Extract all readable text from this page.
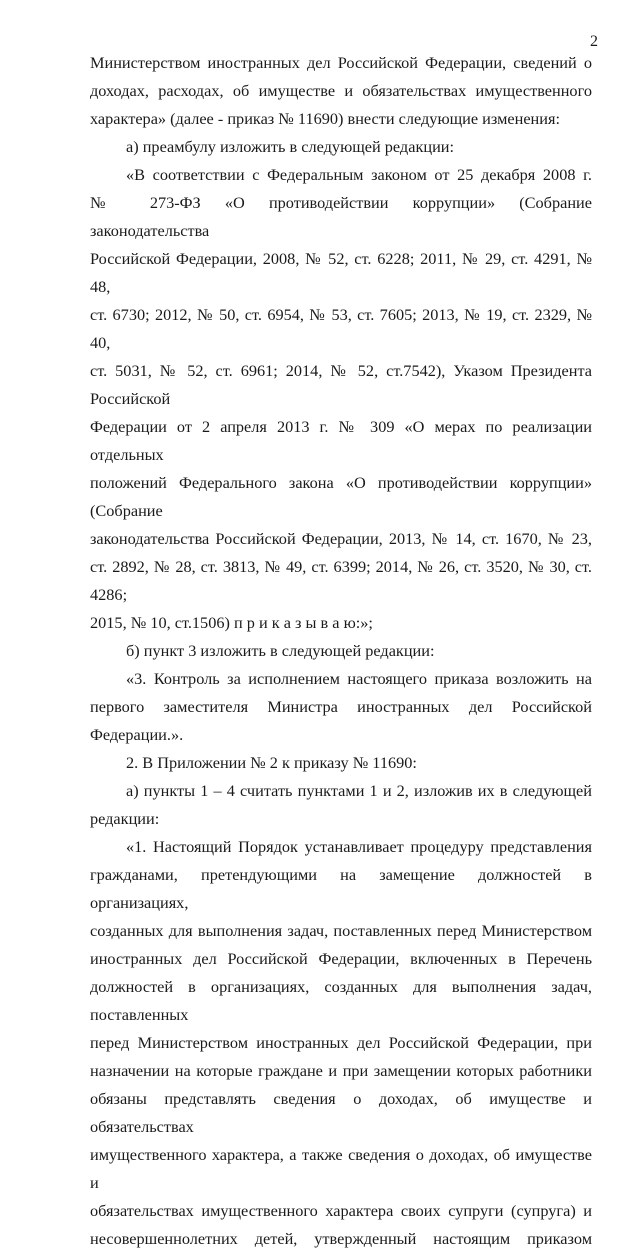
2

Министерством иностранных дел Российской Федерации, сведений о

доходах, расходах, об имуществе и обязательствах имущественного

характера» (далее - приказ № 11690) внести следующие изменения:

а) преамбулу изложить в следующей редакции:

«В соответствии с Федеральным законом от 25 декабря 2008 г.

№ 273-ФЗ «О противодействии коррупции» (Собрание законодательства

Российской Федерации, 2008, № 52, ст. 6228; 2011, № 29, ст. 4291, № 48,

ст. 6730; 2012, № 50, ст. 6954, № 53, ст. 7605; 2013, № 19, ст. 2329, № 40,

ст. 5031, № 52, ст. 6961; 2014, № 52, ст.7542), Указом Президента Российской

Федерации от 2 апреля 2013 г. № 309 «О мерах по реализации отдельных

положений Федерального закона «О противодействии коррупции» (Собрание

законодательства Российской Федерации, 2013, № 14, ст. 1670, № 23,

ст. 2892, № 28, ст. 3813, № 49, ст. 6399; 2014, № 26, ст. 3520, № 30, ст. 4286;

2015, № 10, ст.1506) п р и к а з ы в а ю:»;

б) пункт 3 изложить в следующей редакции:

«3. Контроль за исполнением настоящего приказа возложить на

первого заместителя Министра иностранных дел Российской Федерации.».

2. В Приложении № 2 к приказу № 11690:

а) пункты 1 – 4 считать пунктами 1 и 2, изложив их в следующей

редакции:

«1. Настоящий Порядок устанавливает процедуру представления

гражданами, претендующими на замещение должностей в организациях,

созданных для выполнения задач, поставленных перед Министерством

иностранных дел Российской Федерации, включенных в Перечень

должностей в организациях, созданных для выполнения задач, поставленных

перед Министерством иностранных дел Российской Федерации, при

назначении на которые граждане и при замещении которых работники

обязаны представлять сведения о доходах, об имуществе и обязательствах

имущественного характера, а также сведения о доходах, об имуществе и

обязательствах имущественного характера своих супруги (супруга) и

несовершеннолетних детей, утвержденный настоящим приказом
